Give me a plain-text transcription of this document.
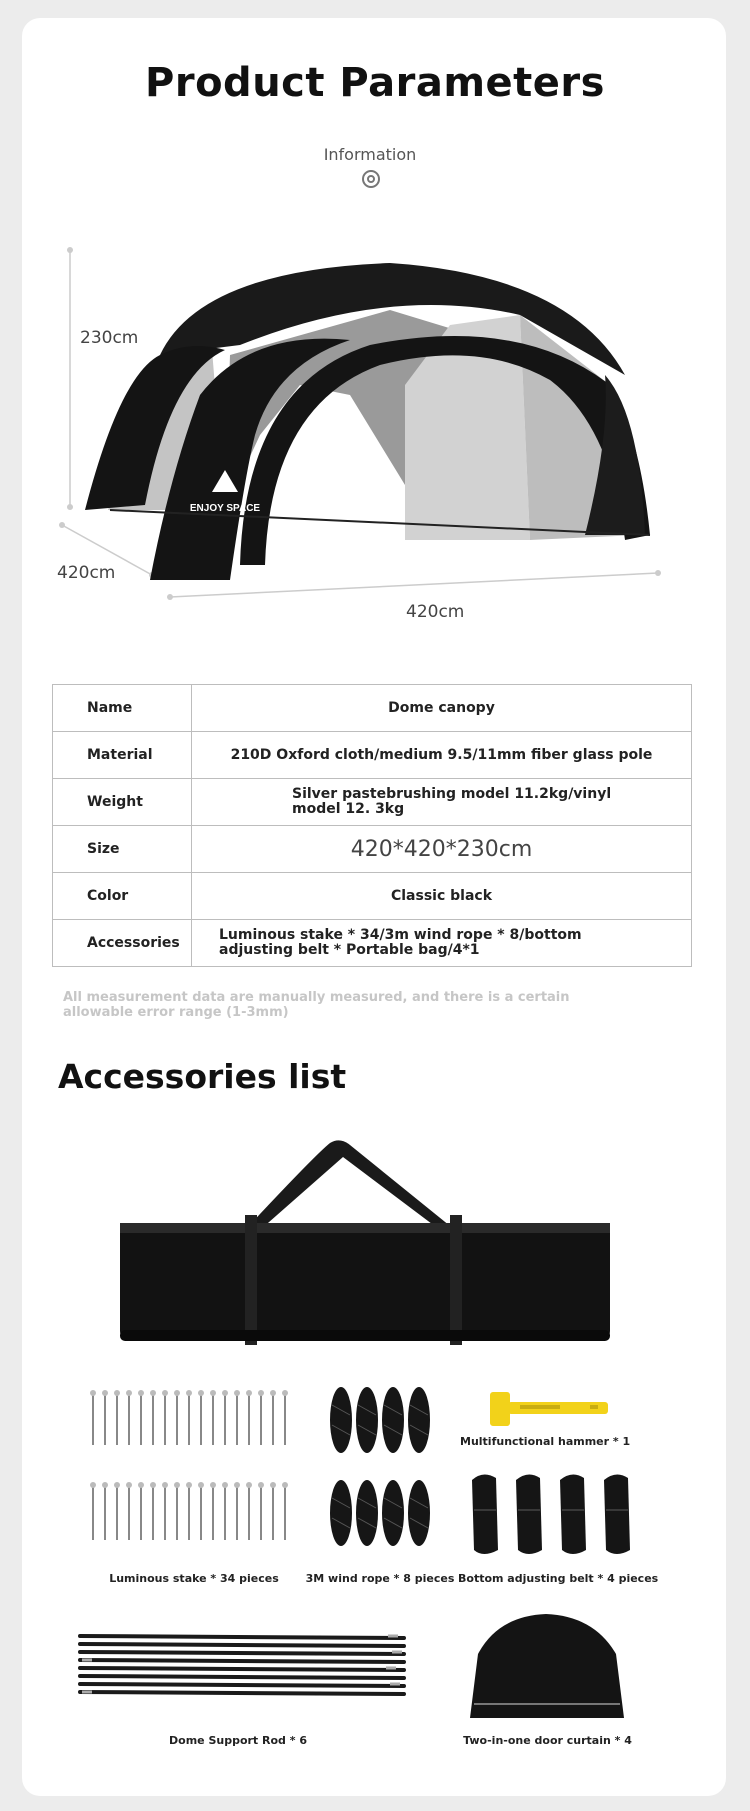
Product Parameters
Information
ENJOY SPACE
230cm
420cm
420cm
Name	Dome canopy
Material	210D Oxford cloth/medium 9.5/11mm fiber glass pole
Weight	Silver pastebrushing model 11.2kg/vinyl model 12. 3kg
Size	420*420*230cm
Color	Classic black
Accessories	Luminous stake * 34/3m wind rope * 8/bottom adjusting belt * Portable bag/4*1
All measurement data are manually measured, and there is a certain allowable error range (1-3mm)
Accessories list
Luminous stake * 34 pieces	3M wind rope * 8 pieces
Multifunctional hammer * 1
Bottom adjusting belt * 4 pieces
Dome Support Rod * 6	Two-in-one door curtain * 4
